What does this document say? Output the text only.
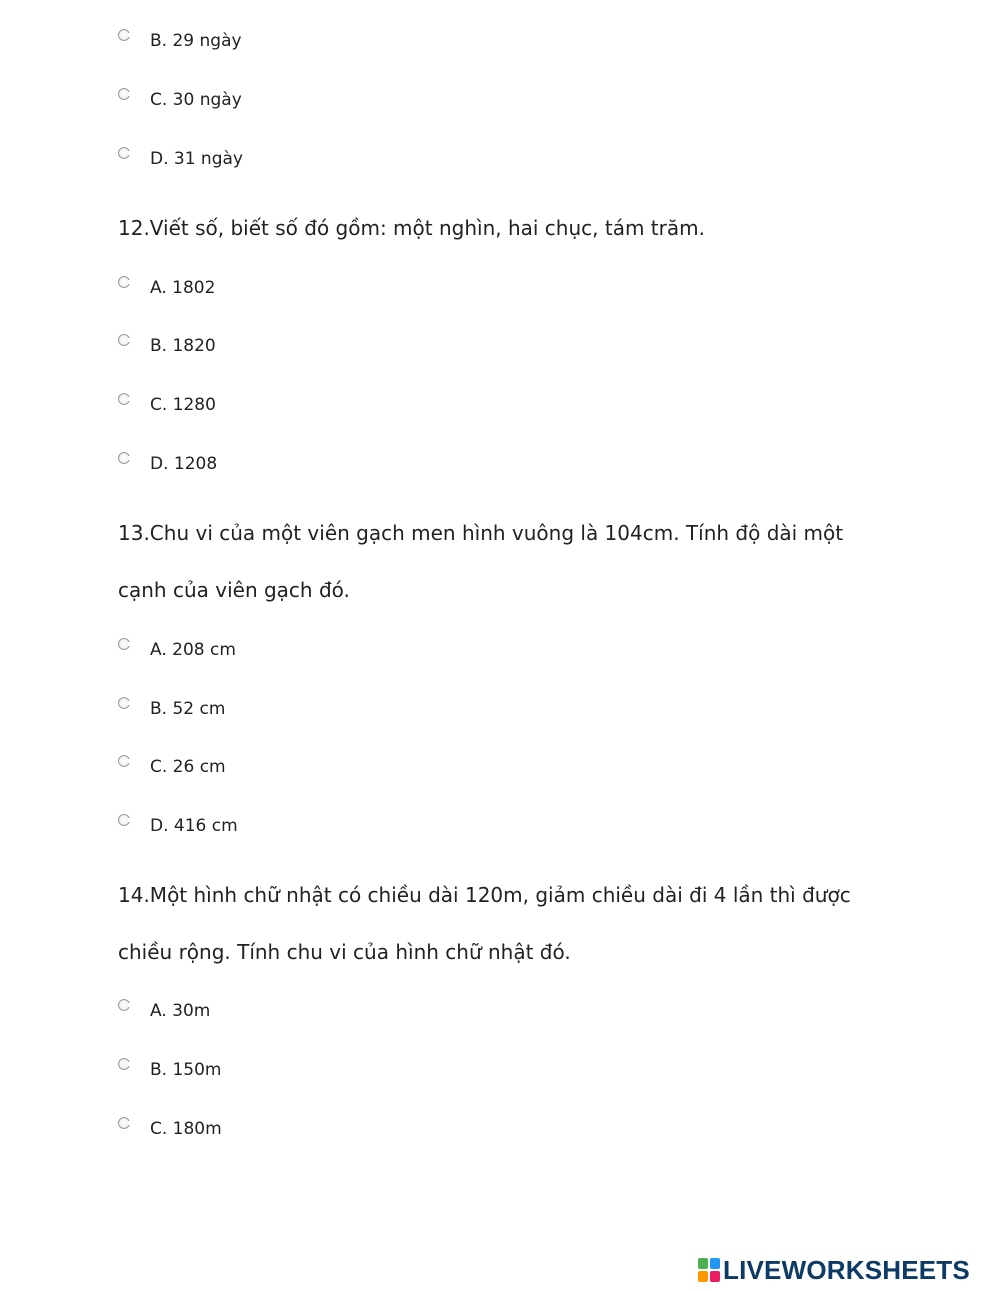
B. 29 ngày
C. 30 ngày
D. 31 ngày
12.Viết số, biết số đó gồm: một nghìn, hai chục, tám trăm.
A. 1802
B. 1820
C. 1280
D. 1208
13.Chu vi của một viên gạch men hình vuông là 104cm. Tính độ dài một cạnh của viên gạch đó.
A. 208 cm
B. 52 cm
C. 26 cm
D. 416 cm
14.Một hình chữ nhật có chiều dài 120m, giảm chiều dài đi 4 lần thì được chiều rộng. Tính chu vi của hình chữ nhật đó.
A. 30m
B. 150m
C. 180m
LIVEWORKSHEETS
